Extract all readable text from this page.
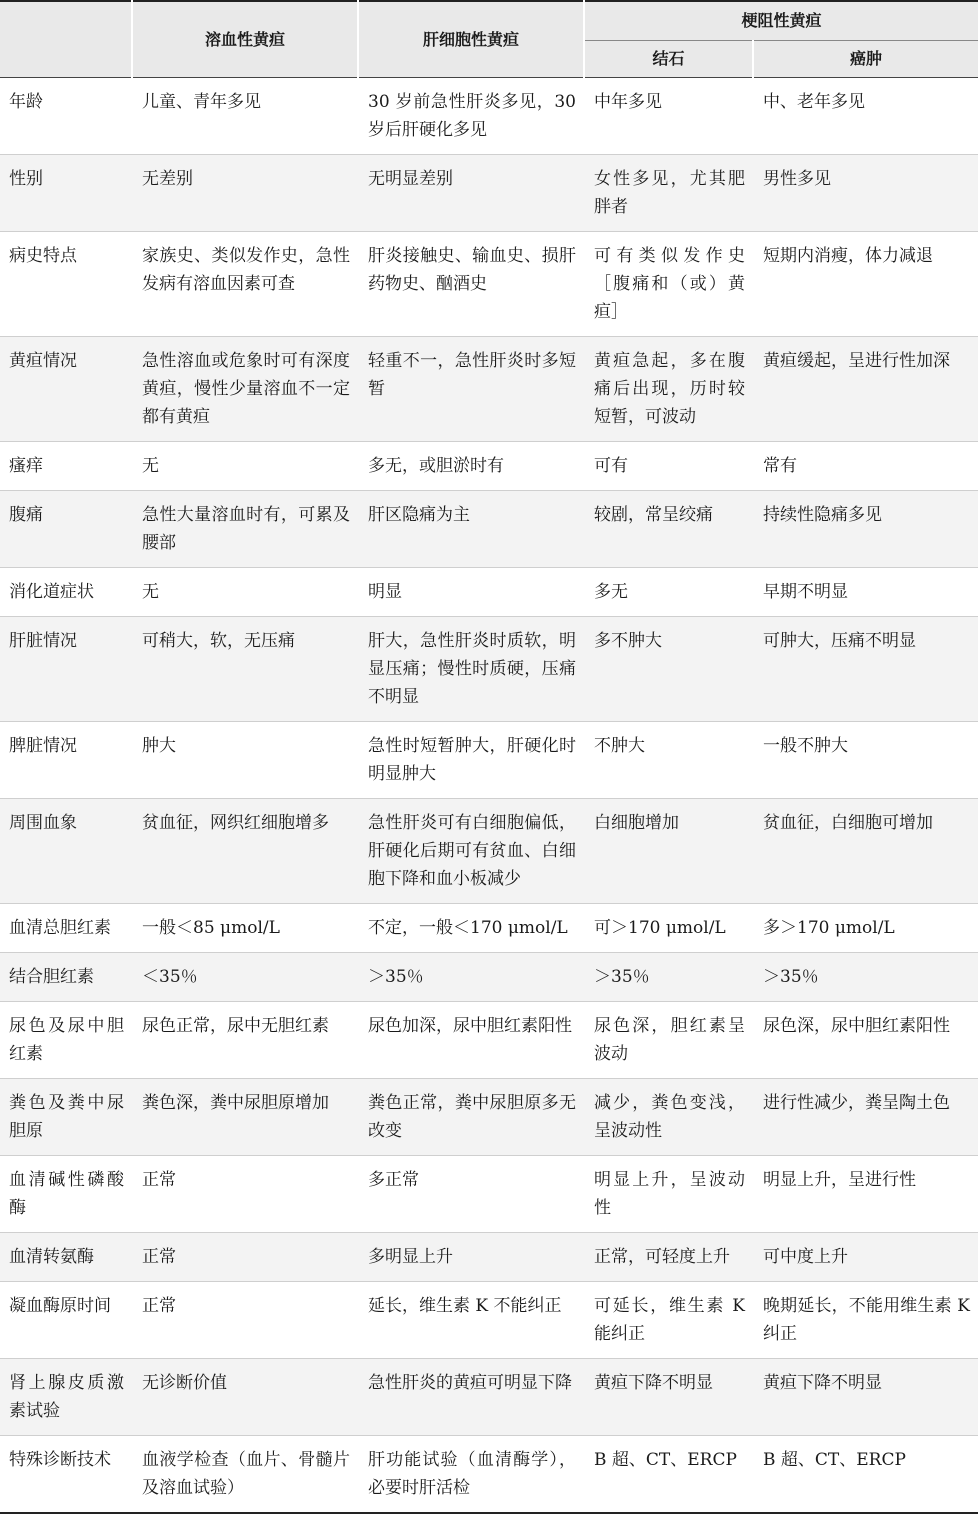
	溶血性黄疸	肝细胞性黄疸	梗阻性黄疸	
			结石	癌肿
年龄	儿童、青年多见	30 岁前急性肝炎多见，30 岁后肝硬化多见	中年多见	中、老年多见
性别	无差别	无明显差别	女性多见，尤其肥胖者	男性多见
病史特点	家族史、类似发作史，急性发病有溶血因素可查	肝炎接触史、输血史、损肝药物史、酗酒史	可有类似发作史［腹痛和（或）黄疸］	短期内消瘦，体力减退
黄疸情况	急性溶血或危象时可有深度黄疸，慢性少量溶血不一定都有黄疸	轻重不一，急性肝炎时多短暂	黄疸急起，多在腹痛后出现，历时较短暂，可波动	黄疸缓起，呈进行性加深
瘙痒	无	多无，或胆淤时有	可有	常有
腹痛	急性大量溶血时有，可累及腰部	肝区隐痛为主	较剧，常呈绞痛	持续性隐痛多见
消化道症状	无	明显	多无	早期不明显
肝脏情况	可稍大，软，无压痛	肝大，急性肝炎时质软，明显压痛；慢性时质硬，压痛不明显	多不肿大	可肿大，压痛不明显
脾脏情况	肿大	急性时短暂肿大，肝硬化时明显肿大	不肿大	一般不肿大
周围血象	贫血征，网织红细胞增多	急性肝炎可有白细胞偏低，肝硬化后期可有贫血、白细胞下降和血小板减少	白细胞增加	贫血征，白细胞可增加
血清总胆红素	一般＜85 μmol/L	不定，一般＜170 μmol/L	可＞170 μmol/L	多＞170 μmol/L
结合胆红素	＜35％	＞35％	＞35％	＞35％
尿色及尿中胆红素	尿色正常，尿中无胆红素	尿色加深，尿中胆红素阳性	尿色深，胆红素呈波动	尿色深，尿中胆红素阳性
粪色及粪中尿胆原	粪色深，粪中尿胆原增加	粪色正常，粪中尿胆原多无改变	减少，粪色变浅，呈波动性	进行性减少，粪呈陶土色
血清碱性磷酸酶	正常	多正常	明显上升，呈波动性	明显上升，呈进行性
血清转氨酶	正常	多明显上升	正常，可轻度上升	可中度上升
凝血酶原时间	正常	延长，维生素 K 不能纠正	可延长，维生素 K 能纠正	晚期延长，不能用维生素 K 纠正
肾上腺皮质激素试验	无诊断价值	急性肝炎的黄疸可明显下降	黄疸下降不明显	黄疸下降不明显
特殊诊断技术	血液学检查（血片、骨髓片及溶血试验）	肝功能试验（血清酶学），必要时肝活检	B 超、CT、ERCP	B 超、CT、ERCP
